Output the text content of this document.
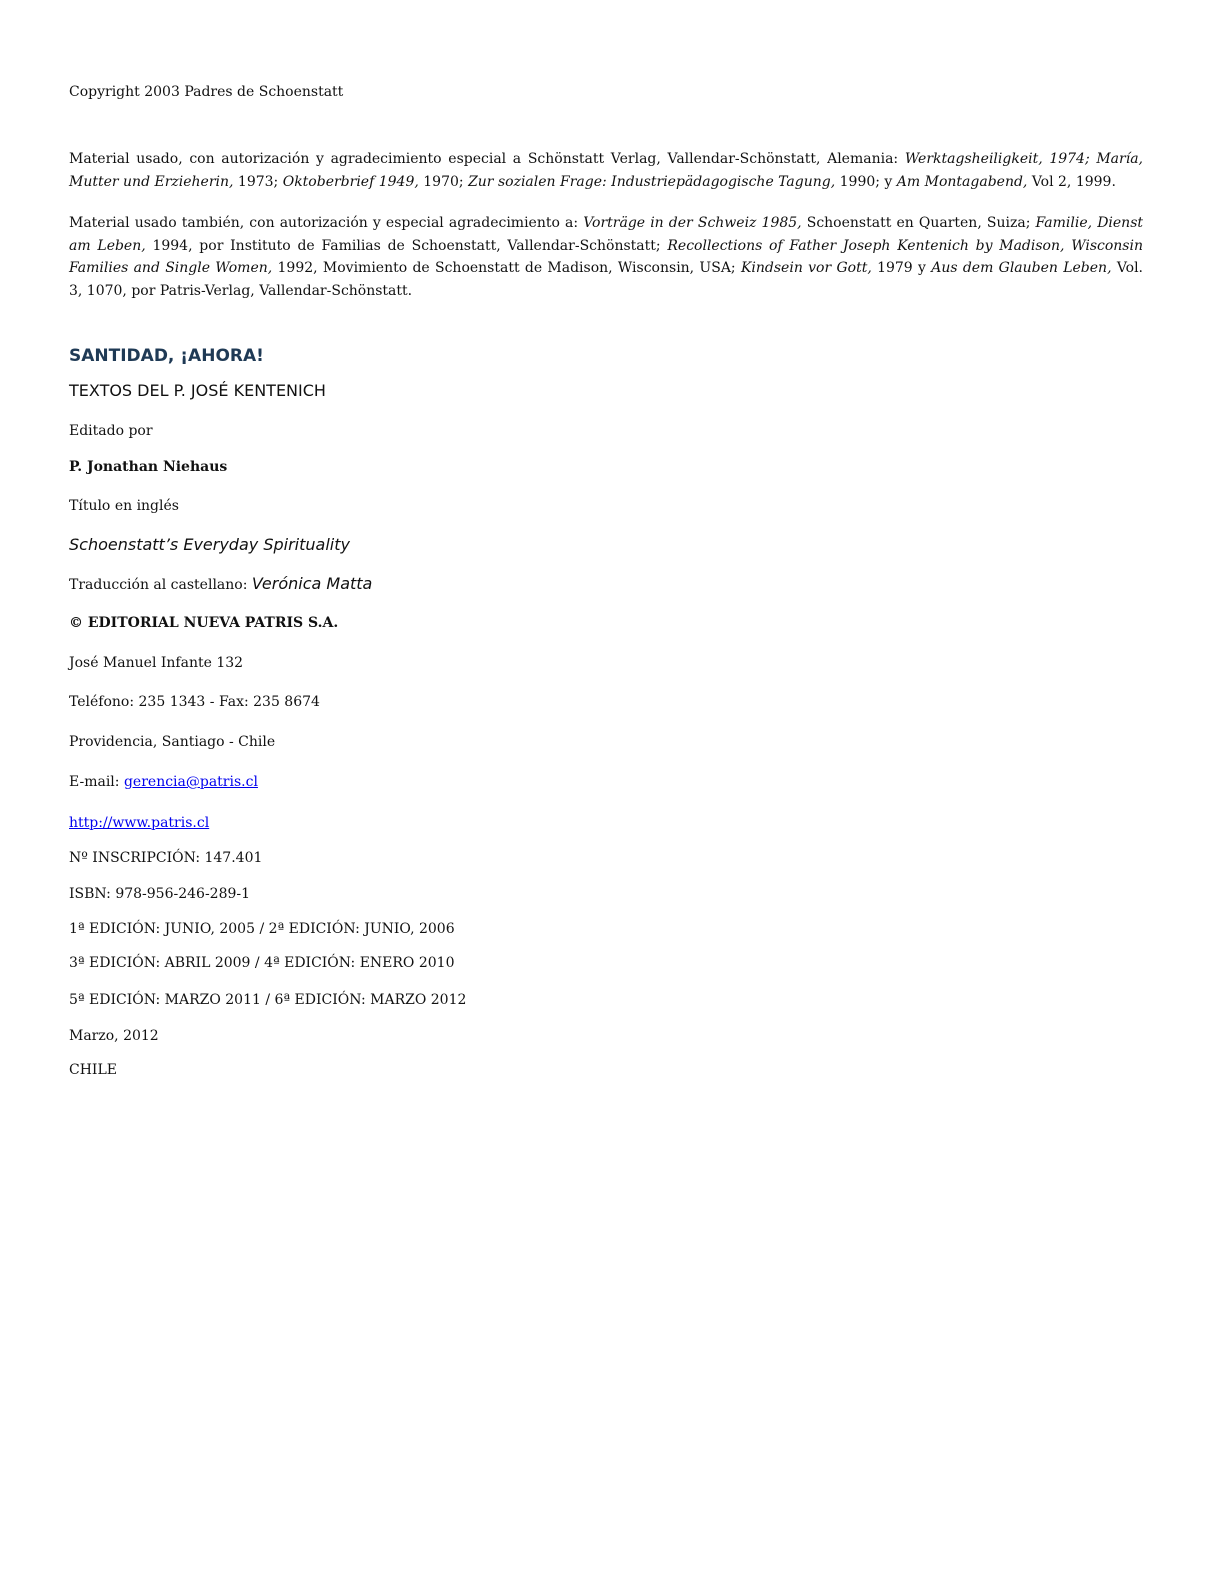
Copyright 2003 Padres de Schoenstatt

Material usado, con autorización y agradecimiento especial a Schönstatt Verlag, Vallendar-Schönstatt, Alemania: Werktagsheiligkeit, 1974; María, Mutter und Erzieherin, 1973; Oktoberbrief 1949, 1970; Zur sozialen Frage: Industriepädagogische Tagung, 1990; y Am Montagabend, Vol 2, 1999.

Material usado también, con autorización y especial agradecimiento a: Vorträge in der Schweiz 1985, Schoenstatt en Quarten, Suiza; Familie, Dienst am Leben, 1994, por Instituto de Familias de Schoenstatt, Vallendar-Schönstatt; Recollections of Father Joseph Kentenich by Madison, Wisconsin Families and Single Women, 1992, Movimiento de Schoenstatt de Madison, Wisconsin, USA; Kindsein vor Gott, 1979 y Aus dem Glauben Leben, Vol. 3, 1070, por Patris-Verlag, Vallendar-Schönstatt.

SANTIDAD, ¡AHORA!
TEXTOS DEL P. JOSÉ KENTENICH
Editado por
P. Jonathan Niehaus
Título en inglés
Schoenstatt’s Everyday Spirituality
Traducción al castellano: Verónica Matta
© EDITORIAL NUEVA PATRIS S.A.
José Manuel Infante 132
Teléfono: 235 1343 - Fax: 235 8674
Providencia, Santiago - Chile
E-mail: gerencia@patris.cl
http://www.patris.cl
Nº INSCRIPCIÓN: 147.401
ISBN: 978-956-246-289-1
1ª EDICIÓN: JUNIO, 2005 / 2ª EDICIÓN: JUNIO, 2006
3ª EDICIÓN: ABRIL 2009 / 4ª EDICIÓN: ENERO 2010
5ª EDICIÓN: MARZO 2011 / 6ª EDICIÓN: MARZO 2012
Marzo, 2012
CHILE
